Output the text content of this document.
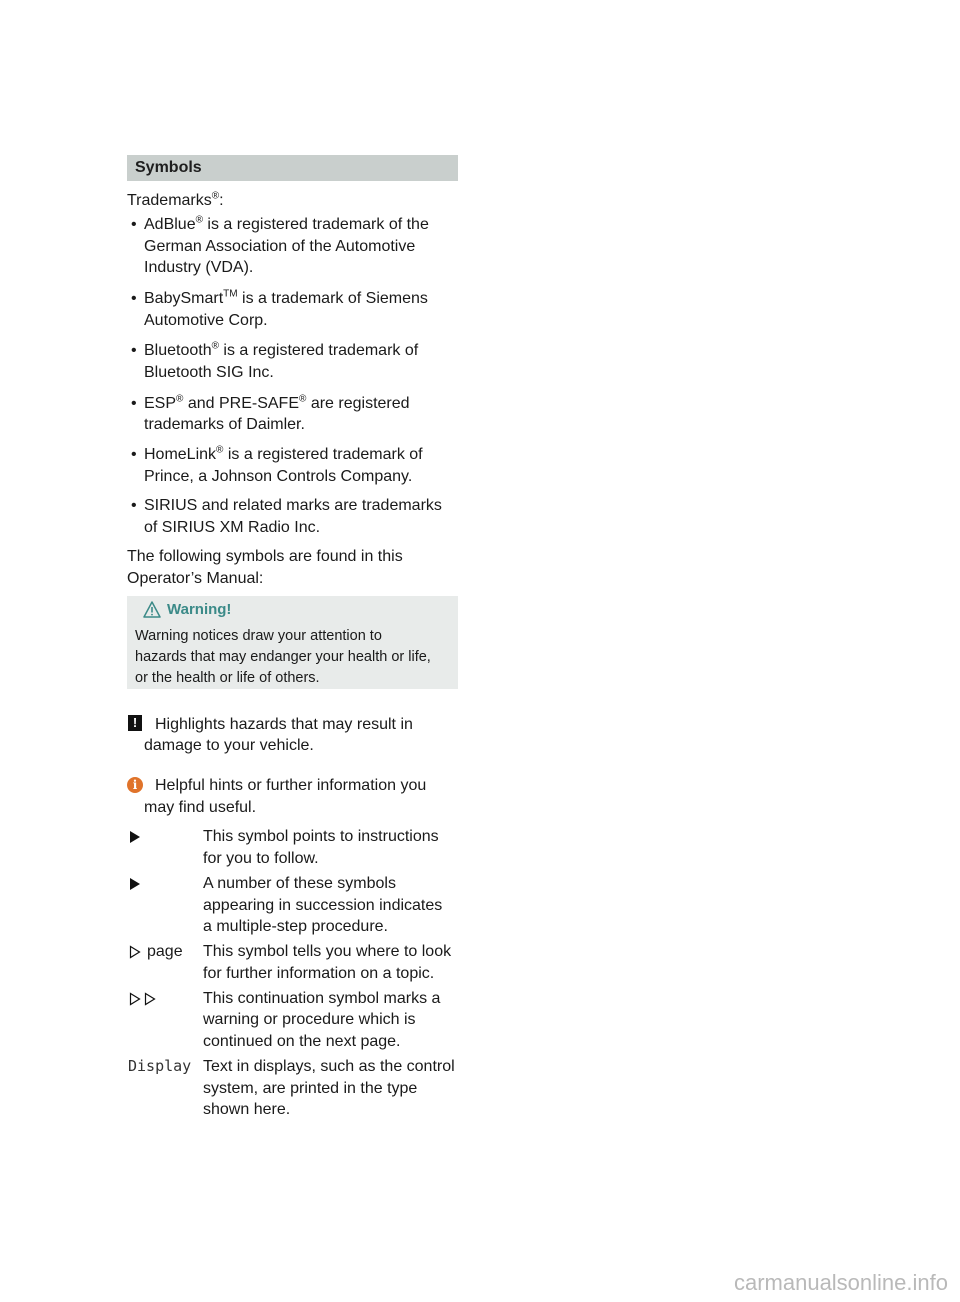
Symbols
Trademarks®:
• AdBlue® is a registered trademark of the
German Association of the Automotive
Industry (VDA).
• BabySmart™ is a trademark of Siemens
Automotive Corp.
• Bluetooth® is a registered trademark of
Bluetooth SIG Inc.
• ESP® and PRE-SAFE® are registered
trademarks of Daimler.
• HomeLink® is a registered trademark of
Prince, a Johnson Controls Company.
• SIRIUS and related marks are trademarks
of SIRIUS XM Radio Inc.
The following symbols are found in this
Operator’s Manual:
Warning!
Warning notices draw your attention to
hazards that may endanger your health or life,
or the health or life of others.
!	Highlights hazards that may result in
damage to your vehicle.
i	Helpful hints or further information you
may find useful.
This symbol points to instructions
for you to follow.
A number of these symbols
appearing in succession indicates
a multiple-step procedure.
page This symbol tells you where to look
for further information on a topic.
This continuation symbol marks a
warning or procedure which is
continued on the next page.
Display Text in displays, such as the control
system, are printed in the type
shown here.
carmanualsonline.info
